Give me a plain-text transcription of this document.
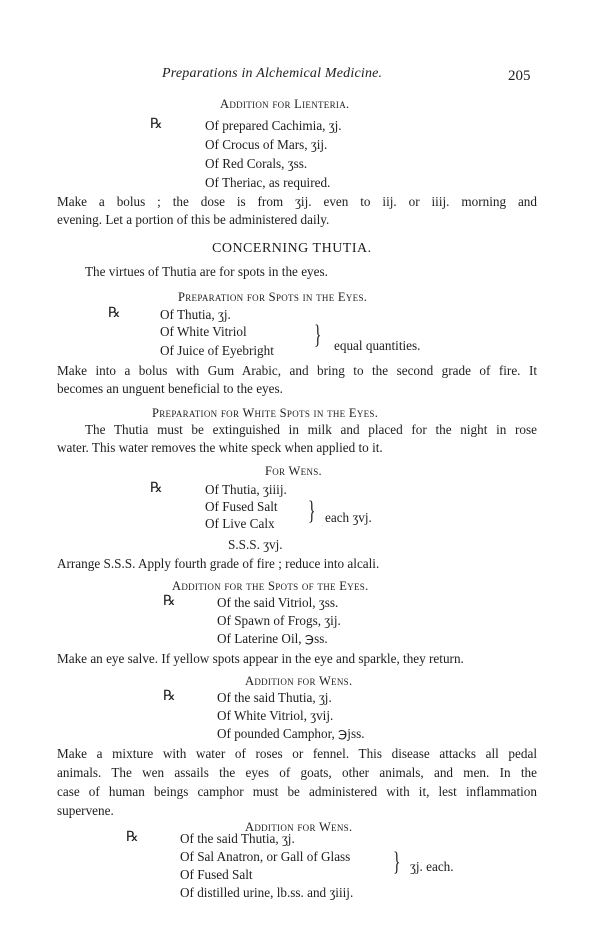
Preparations in Alchemical Medicine.	205
Addition for Lienteria.
℞	Of prepared Cachimia, ʒj.
Of Crocus of Mars, ʒij.
Of Red Corals, ʒss.
Of Theriac, as required.
Make a bolus ; the dose is from ʒij. even to iij. or iiij. morning and
evening. Let a portion of this be administered daily.
CONCERNING THUTIA.
The virtues of Thutia are for spots in the eyes.
Preparation for Spots in the Eyes.
℞	Of Thutia, ʒj.
Of White Vitriol
Of Juice of Eyebright
} equal quantities.
Make into a bolus with Gum Arabic, and bring to the second grade of fire. It
becomes an unguent beneficial to the eyes.
Preparation for White Spots in the Eyes.
The Thutia must be extinguished in milk and placed for the night in rose
water. This water removes the white speck when applied to it.
For Wens.
℞	Of Thutia, ʒiiij.
Of Fused Salt
Of Live Calx } each ʒvj.
S.S.S. ʒvj.
Arrange S.S.S. Apply fourth grade of fire ; reduce into alcali.
Addition for the Spots of the Eyes.
℞	Of the said Vitriol, ʒss.
Of Spawn of Frogs, ʒij.
Of Laterine Oil, ℈ss.
Make an eye salve. If yellow spots appear in the eye and sparkle, they return.
Addition for Wens.
℞	Of the said Thutia, ʒj.
Of White Vitriol, ʒvij.
Of pounded Camphor, ℈jss.
Make a mixture with water of roses or fennel. This disease attacks all pedal
animals. The wen assails the eyes of goats, other animals, and men. In the
case of human beings camphor must be administered with it, lest inflammation
supervene.
Addition for Wens.
℞	Of the said Thutia, ʒj.
Of Sal Anatron, or Gall of Glass
Of Fused Salt	} ʒj. each.
Of distilled urine, lb.ss. and ʒiiij.
